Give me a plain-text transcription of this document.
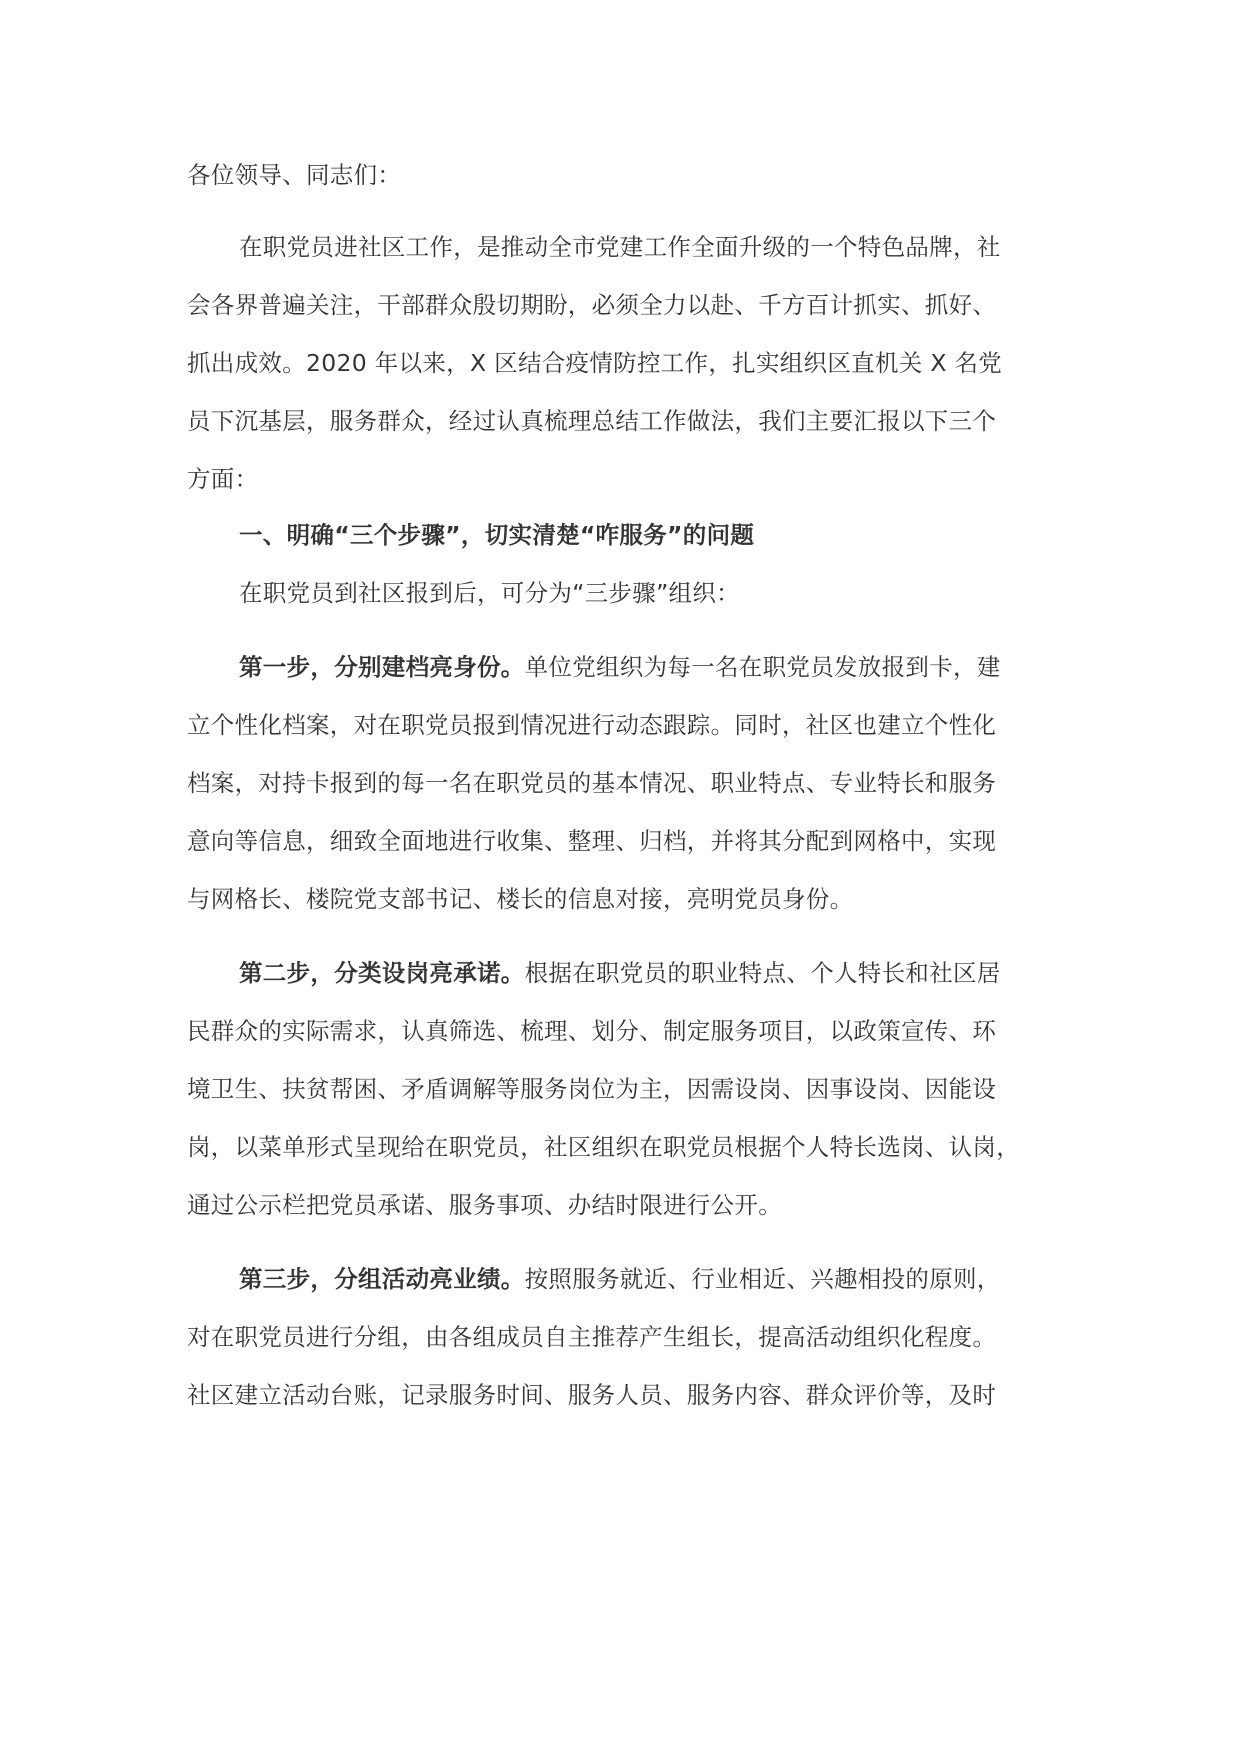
各位领导、同志们：
在职党员进社区工作，是推动全市党建工作全面升级的一个特色品牌，社
会各界普遍关注，干部群众殷切期盼，必须全力以赴、千方百计抓实、抓好、
抓出成效。2020 年以来，X 区结合疫情防控工作，扎实组织区直机关 X 名党
员下沉基层，服务群众，经过认真梳理总结工作做法，我们主要汇报以下三个
方面：
一、明确“三个步骤”，切实清楚“咋服务”的问题
在职党员到社区报到后，可分为“三步骤”组织：
第一步，分别建档亮身份。单位党组织为每一名在职党员发放报到卡，建
立个性化档案，对在职党员报到情况进行动态跟踪。同时，社区也建立个性化
档案，对持卡报到的每一名在职党员的基本情况、职业特点、专业特长和服务
意向等信息，细致全面地进行收集、整理、归档，并将其分配到网格中，实现
与网格长、楼院党支部书记、楼长的信息对接，亮明党员身份。
第二步，分类设岗亮承诺。根据在职党员的职业特点、个人特长和社区居
民群众的实际需求，认真筛选、梳理、划分、制定服务项目，以政策宣传、环
境卫生、扶贫帮困、矛盾调解等服务岗位为主，因需设岗、因事设岗、因能设
岗，以菜单形式呈现给在职党员，社区组织在职党员根据个人特长选岗、认岗，
通过公示栏把党员承诺、服务事项、办结时限进行公开。
第三步，分组活动亮业绩。按照服务就近、行业相近、兴趣相投的原则，
对在职党员进行分组，由各组成员自主推荐产生组长，提高活动组织化程度。
社区建立活动台账，记录服务时间、服务人员、服务内容、群众评价等，及时
